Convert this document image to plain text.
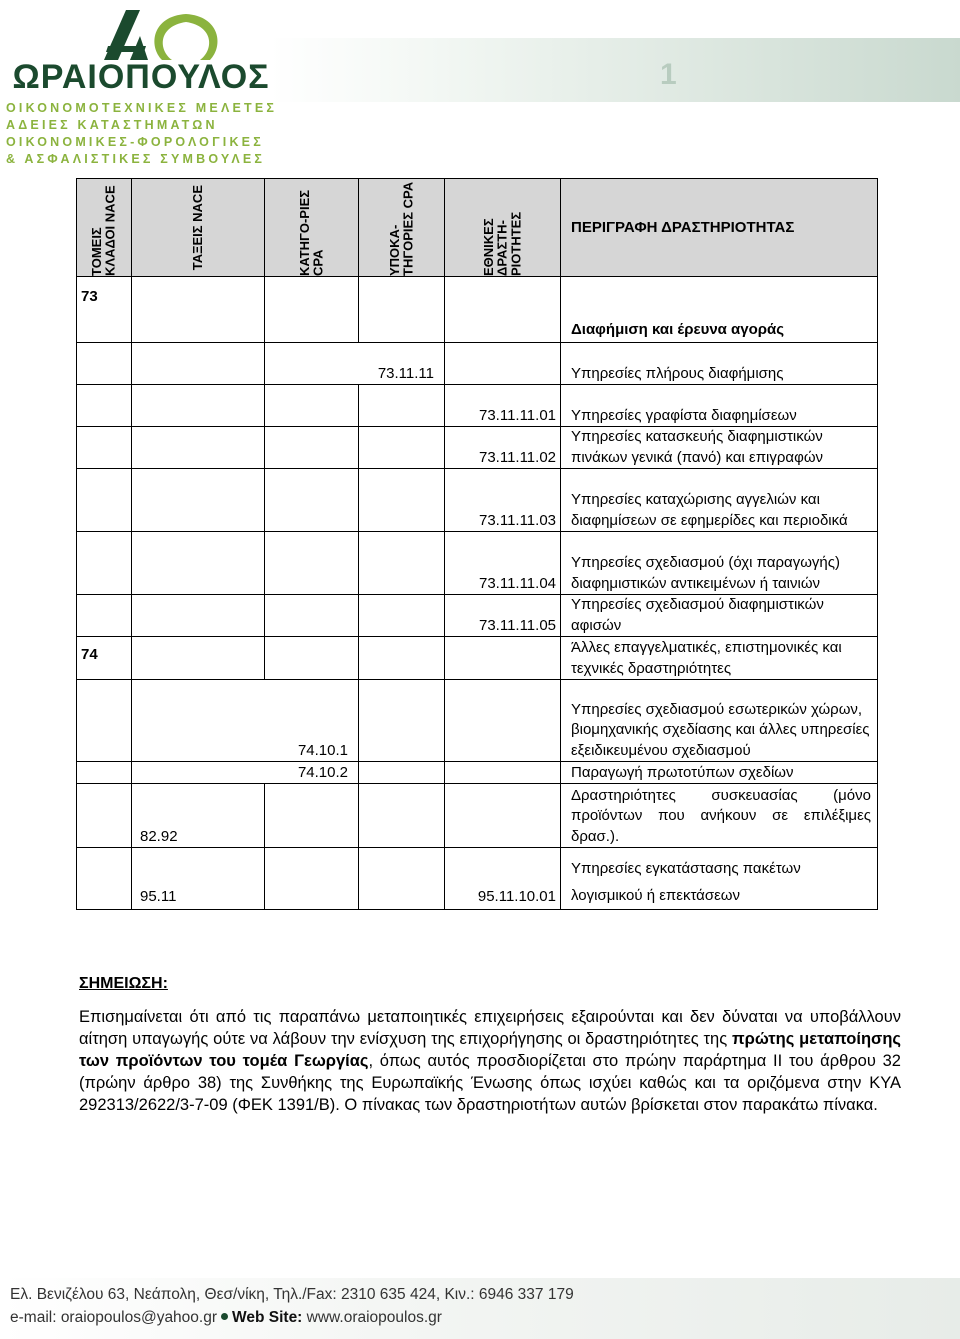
1
ΑΩ
ΩΡΑΙΟΠΟΥΛΟΣ
ΟΙΚΟΝΟΜΟΤΕΧΝΙΚΕΣ ΜΕΛΕΤΕΣ
ΑΔΕΙΕΣ ΚΑΤΑΣΤΗΜΑΤΩΝ
ΟΙΚΟΝΟΜΙΚΕΣ-ΦΟΡΟΛΟΓΙΚΕΣ
& ΑΣΦΑΛΙΣΤΙΚΕΣ ΣΥΜΒΟΥΛΕΣ
ΤΟΜΕΙΣ ΚΛΑΔΟΙ NACE	ΤΑΞΕΙΣ NACE	ΚΑΤΗΓΟ-ΡΙΕΣ CPA	ΥΠΟΚΑ-ΤΗΓΟΡΙΕΣ CPA	ΕΘΝΙΚΕΣ ΔΡΑΣΤΗ-ΡΙΟΤΗΤΕΣ	ΠΕΡΙΓΡΑΦΗ ΔΡΑΣΤΗΡΙΟΤΗΤΑΣ
73					Διαφήμιση και έρευνα αγοράς
		73.11.11			Υπηρεσίες πλήρους διαφήμισης
				73.11.11.01	Υπηρεσίες γραφίστα διαφημίσεων
				73.11.11.02	Υπηρεσίες κατασκευής διαφημιστικών πινάκων γενικά (πανό) και επιγραφών
				73.11.11.03	Υπηρεσίες καταχώρισης αγγελιών και διαφημίσεων σε εφημερίδες και περιοδικά
				73.11.11.04	Υπηρεσίες σχεδιασμού (όχι παραγωγής) διαφημιστικών αντικειμένων ή ταινιών
				73.11.11.05	Υπηρεσίες σχεδιασμού διαφημιστικών αφισών
74					Άλλες επαγγελματικές, επιστημονικές και τεχνικές δραστηριότητες
	74.10.1				Υπηρεσίες σχεδιασμού εσωτερικών χώρων, βιομηχανικής σχεδίασης και άλλες υπηρεσίες εξειδικευμένου σχεδιασμού
	74.10.2				Παραγωγή πρωτοτύπων σχεδίων
	82.92				Δραστηριότητες συσκευασίας (μόνο προϊόντων που ανήκουν σε επιλέξιμες δρασ.).
	95.11			95.11.10.01	Υπηρεσίες εγκατάστασης πακέτων λογισμικού ή επεκτάσεων
ΣΗΜΕΙΩΣΗ:
Επισημαίνεται ότι από τις παραπάνω μεταποιητικές επιχειρήσεις εξαιρούνται και δεν δύναται να υποβάλλουν αίτηση υπαγωγής ούτε να λάβουν την ενίσχυση της επιχορήγησης οι δραστηριότητες της πρώτης μεταποίησης των προϊόντων του τομέα Γεωργίας, όπως αυτός προσδιορίζεται στο πρώην παράρτημα ΙΙ του άρθρου 32 (πρώην άρθρο 38) της Συνθήκης της Ευρωπαϊκής Ένωσης όπως ισχύει καθώς και τα οριζόμενα στην ΚΥΑ 292313/2622/3-7-09 (ΦΕΚ 1391/Β). Ο πίνακας των δραστηριοτήτων αυτών βρίσκεται στον παρακάτω πίνακα.
Ελ. Βενιζέλου 63, Νεάπολη, Θεσ/νίκη, Τηλ./Fax: 2310 635 424, Κιν.: 6946 337 179
e-mail: oraiopoulos@yahoo.gr Web Site: www.oraiopoulos.gr
